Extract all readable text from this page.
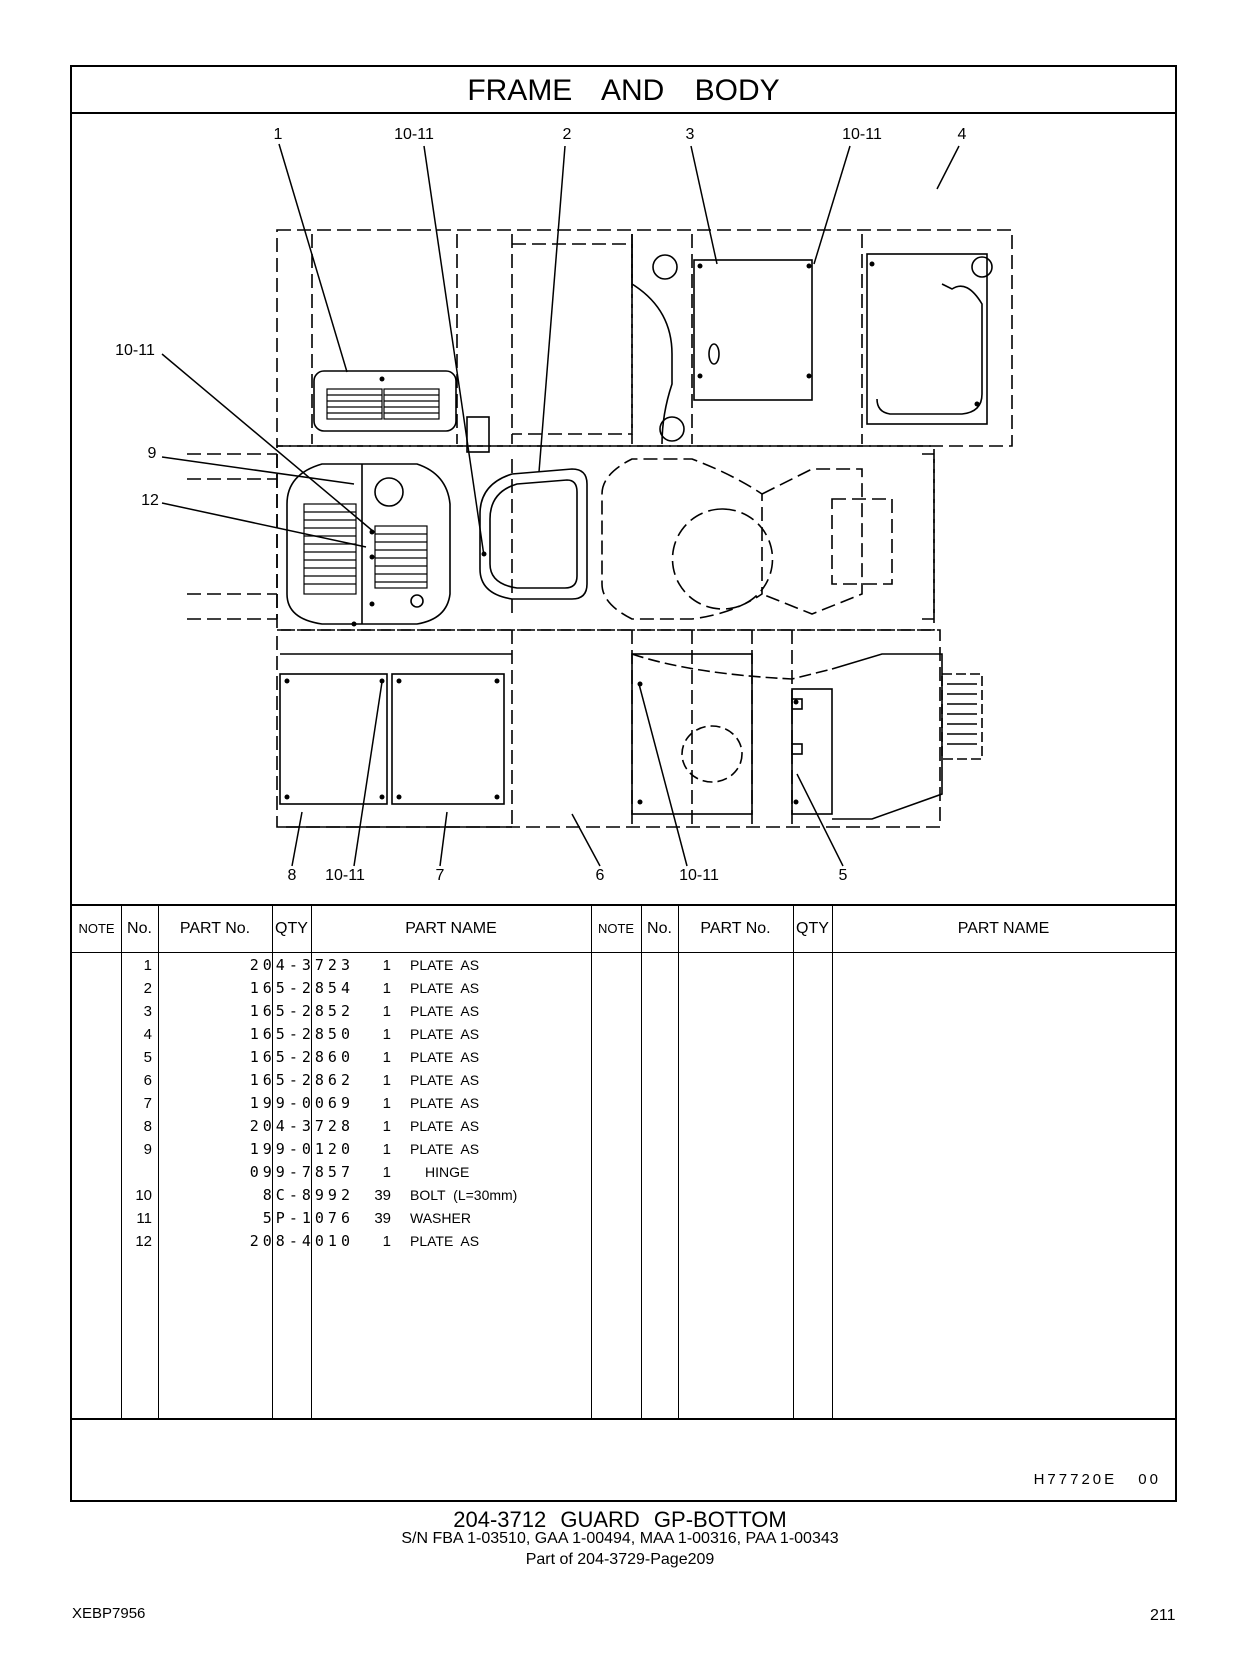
FRAME AND BODY
1	10-11	2	3	10-11	4
10-11
9
12
8 10-11	7	6	10-11	5
NOTE No.	PART No.	QTY	PART NAME	NOTE No.	PART No.	QTY	PART NAME
1	204-3723	1 PLATE AS
2	165-2854	1 PLATE AS
3	165-2852	1 PLATE AS
4	165-2850	1 PLATE AS
5	165-2860	1 PLATE AS
6	165-2862	1 PLATE AS
7	199-0069	1 PLATE AS
8	204-3728	1 PLATE AS
9	199-0120	1 PLATE AS
099-7857	1 HINGE
10	8C-8992	39 BOLT (L=30mm)
11	5P-1076	39 WASHER
12	208-4010	1 PLATE AS
H77720E 00
204-3712 GUARD GP-BOTTOM
S/N FBA 1-03510, GAA 1-00494, MAA 1-00316, PAA 1-00343
Part of 204-3729-Page209
XEBP7956	211
